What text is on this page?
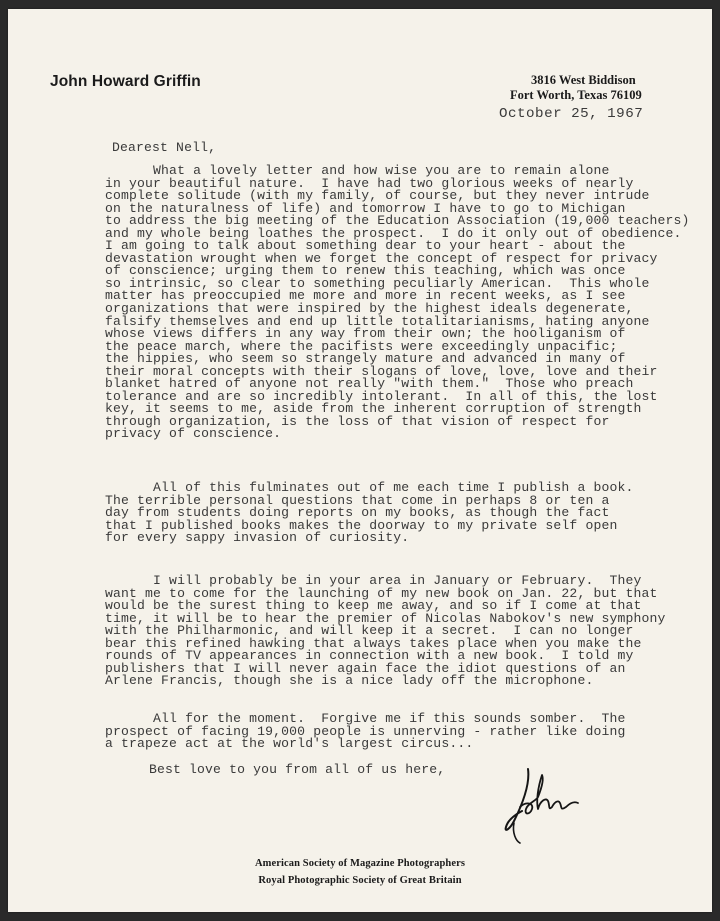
John Howard Griffin	3816 West Biddison
Fort Worth, Texas 76109
October 25, 1967
Dearest Nell,
What a lovely letter and how wise you are to remain alone
in your beautiful nature.  I have had two glorious weeks of nearly
complete solitude (with my family, of course, but they never intrude
on the naturalness of life) and tomorrow I have to go to Michigan
to address the big meeting of the Education Association (19,000 teachers)
and my whole being loathes the prospect.  I do it only out of obedience.
I am going to talk about something dear to your heart - about the
devastation wrought when we forget the concept of respect for privacy
of conscience; urging them to renew this teaching, which was once
so intrinsic, so clear to something peculiarly American.  This whole
matter has preoccupied me more and more in recent weeks, as I see
organizations that were inspired by the highest ideals degenerate,
falsify themselves and end up little totalitarianisms, hating anyone
whose views differs in any way from their own; the hooliganism of
the peace march, where the pacifists were exceedingly unpacific;
the hippies, who seem so strangely mature and advanced in many of
their moral concepts with their slogans of love, love, love and their
blanket hatred of anyone not really "with them."  Those who preach
tolerance and are so incredibly intolerant.  In all of this, the lost
key, it seems to me, aside from the inherent corruption of strength
through organization, is the loss of that vision of respect for
privacy of conscience.
All of this fulminates out of me each time I publish a book.
The terrible personal questions that come in perhaps 8 or ten a
day from students doing reports on my books, as though the fact
that I published books makes the doorway to my private self open
for every sappy invasion of curiosity.
I will probably be in your area in January or February.  They
want me to come for the launching of my new book on Jan. 22, but that
would be the surest thing to keep me away, and so if I come at that
time, it will be to hear the premier of Nicolas Nabokov's new symphony
with the Philharmonic, and will keep it a secret.  I can no longer
bear this refined hawking that always takes place when you make the
rounds of TV appearances in connection with a new book.  I told my
publishers that I will never again face the idiot questions of an
Arlene Francis, though she is a nice lady off the microphone.
All for the moment.  Forgive me if this sounds somber.  The
prospect of facing 19,000 people is unnerving - rather like doing
a trapeze act at the world's largest circus...
Best love to you from all of us here,
American Society of Magazine Photographers
Royal Photographic Society of Great Britain
